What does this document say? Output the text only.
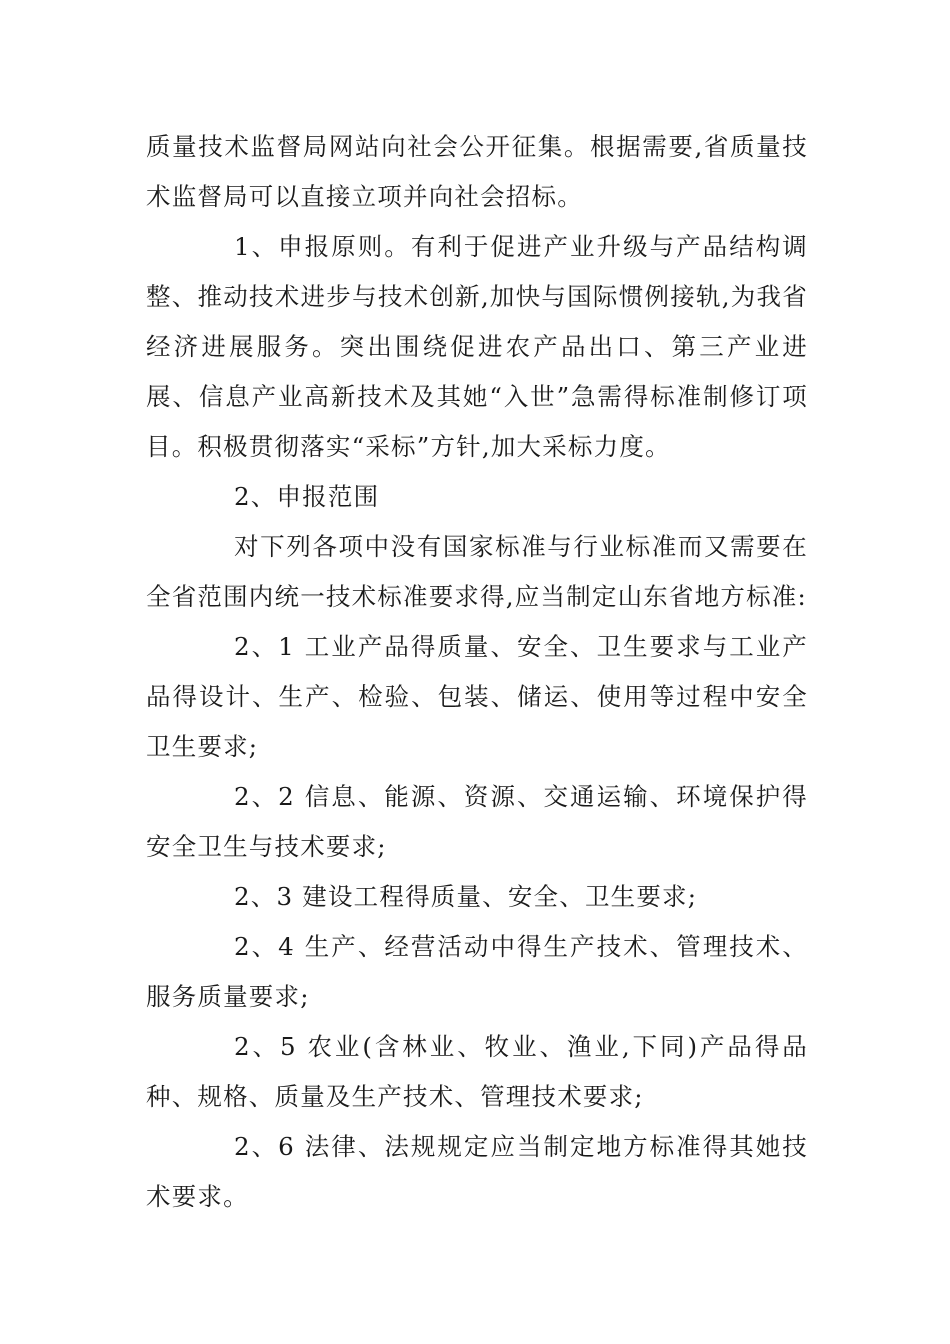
质量技术监督局网站向社会公开征集。根据需要,省质量技术监督局可以直接立项并向社会招标。

1、申报原则。有利于促进产业升级与产品结构调整、推动技术进步与技术创新,加快与国际惯例接轨,为我省经济进展服务。突出围绕促进农产品出口、第三产业进展、信息产业高新技术及其她“入世”急需得标准制修订项目。积极贯彻落实“采标”方针,加大采标力度。

2、申报范围

对下列各项中没有国家标准与行业标准而又需要在全省范围内统一技术标准要求得,应当制定山东省地方标准:

2、1 工业产品得质量、安全、卫生要求与工业产品得设计、生产、检验、包装、储运、使用等过程中安全卫生要求;

2、2 信息、能源、资源、交通运输、环境保护得安全卫生与技术要求;

2、3 建设工程得质量、安全、卫生要求;

2、4 生产、经营活动中得生产技术、管理技术、服务质量要求;

2、5 农业(含林业、牧业、渔业,下同)产品得品种、规格、质量及生产技术、管理技术要求;

2、6 法律、法规规定应当制定地方标准得其她技术要求。
